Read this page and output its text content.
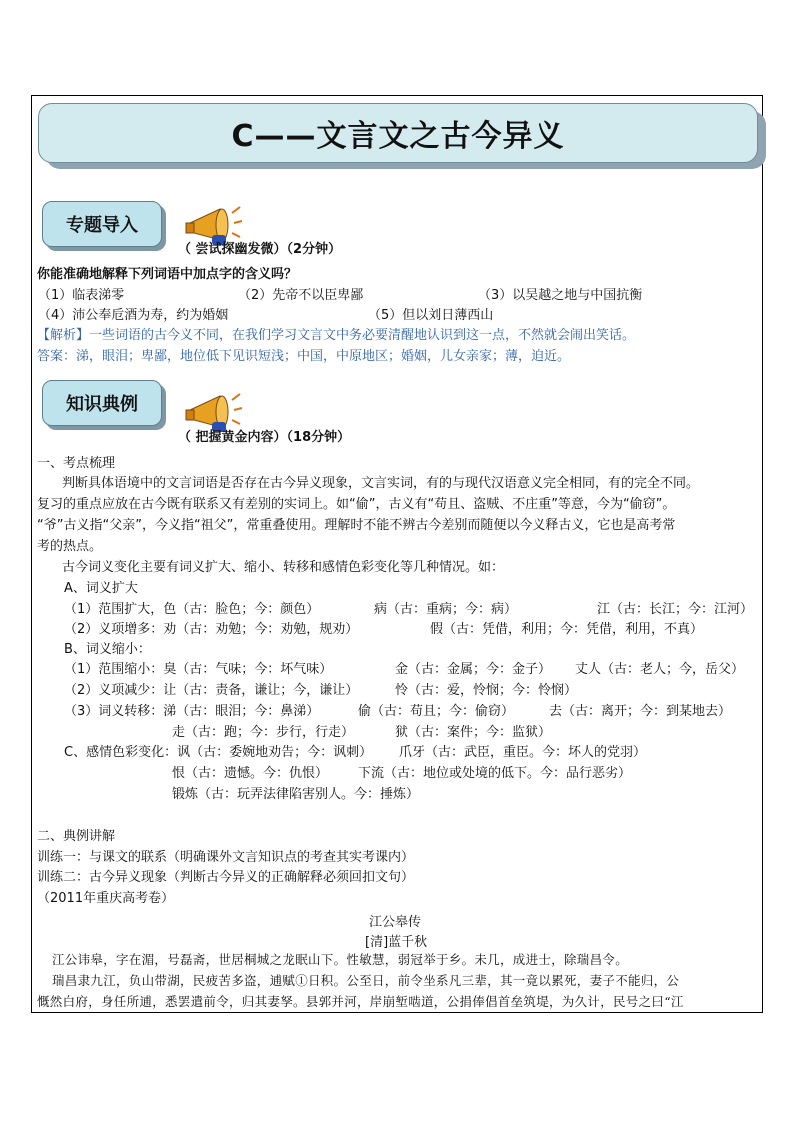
C——文言文之古今异义
专题导入
（ 尝试探幽发微）（2分钟）
你能准确地解释下列词语中加点字的含义吗？
（1）临表涕零	（2）先帝不以臣卑鄙	（3）以吴越之地与中国抗衡
（4）沛公奉卮酒为寿，约为婚姻	（5）但以刘日薄西山
【解析】一些词语的古今义不同，在我们学习文言文中务必要清醒地认识到这一点，不然就会闹出笑话。
答案：涕，眼泪；卑鄙，地位低下见识短浅；中国，中原地区；婚姻，儿女亲家；薄，迫近。
知识典例
（ 把握黄金内容）（18分钟）
一、考点梳理
判断具体语境中的文言词语是否存在古今异义现象，文言实词，有的与现代汉语意义完全相同，有的完全不同。
复习的重点应放在古今既有联系又有差别的实词上。如“偷”，古义有“苟且、盗贼、不庄重”等意，今为“偷窃”。
“爷”古义指“父亲”，今义指“祖父”，常重叠使用。理解时不能不辨古今差别而随便以今义释古义，它也是高考常
考的热点。
古今词义变化主要有词义扩大、缩小、转移和感情色彩变化等几种情况。如：
A、词义扩大
（1）范围扩大，色（古：脸色；今：颜色）	病（古：重病；今：病）	江（古：长江；今：江河）
（2）义项增多：劝（古：劝勉；今：劝勉，规劝）	假（古：凭借，利用；今：凭借，利用，不真）
B、词义缩小：
（1）范围缩小：臭（古：气味；今：坏气味）	金（古：金属；今：金子） 丈人（古：老人；今，岳父）
（2）义项减少：让（古：责备，谦让；今，谦让）	怜（古：爱，怜悯；今：怜悯）
（3）词义转移：涕（古：眼泪；今：鼻涕）	偷（古：苟且；今：偷窃）	去（古：离开；今：到某地去）
走（古：跑；今：步行，行走）	狱（古：案件；今：监狱）
C、感情色彩变化：讽（古：委婉地劝告；今：讽刺） 爪牙（古：武臣，重臣。今：坏人的党羽）
恨（古：遗憾。今：仇恨） 下流（古：地位或处境的低下。今：品行恶劣）
锻炼（古：玩弄法律陷害别人。今：捶炼）
二、典例讲解
训练一：与课文的联系（明确课外文言知识点的考查其实考课内）
训练二：古今异义现象（判断古今异义的正确解释必须回扣文句）
（2011年重庆高考卷）
江公皋传
[清]蓝千秋
江公讳皋，字在湄，号磊斋，世居桐城之龙眠山下。性敏慧，弱冠举于乡。未几，成进士，除瑞昌令。
瑞昌隶九江，负山带湖，民疲苦多盗，逋赋①日积。公至日，前令坐系凡三辈，其一竟以累死，妻子不能归，公
慨然白府，身任所逋，悉罢遣前令，归其妻孥。县郭并河，岸崩堑啮道，公捐俸倡首垒筑堤，为久计，民号之曰“江
